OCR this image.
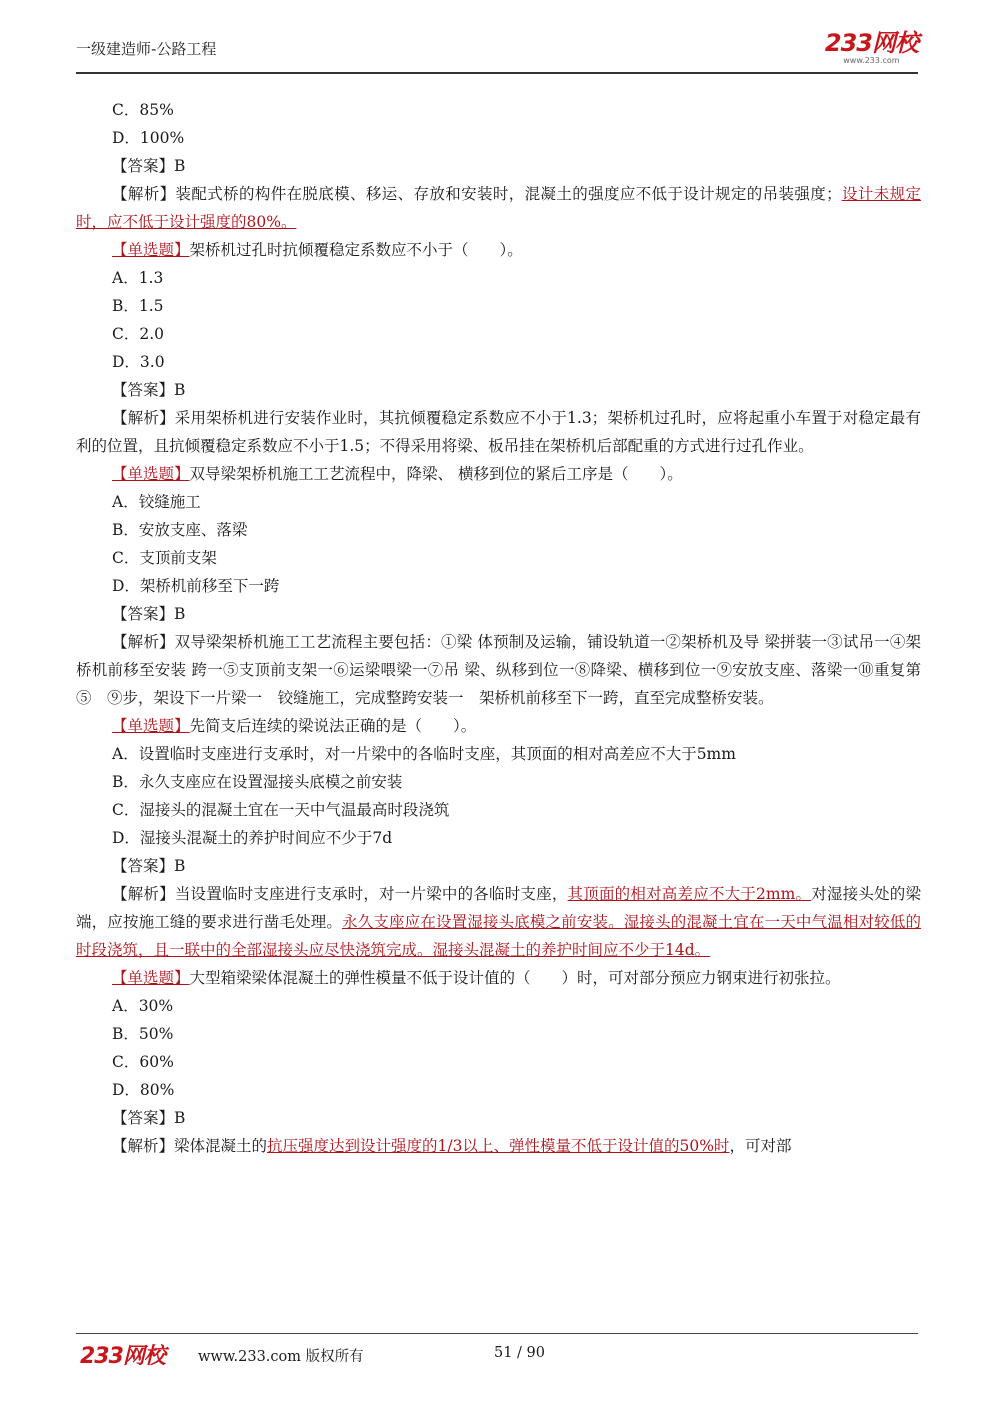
一级建造师-公路工程	233网校
www.233.com
C．85%
D．100%
【答案】B
【解析】装配式桥的构件在脱底模、移运、存放和安装时，混凝土的强度应不低于设计规定的吊装强度；设计未规定时，应不低于设计强度的80%。
【单选题】架桥机过孔时抗倾覆稳定系数应不小于（　　）。
A．1.3
B．1.5
C．2.0
D．3.0
【答案】B
【解析】采用架桥机进行安装作业时，其抗倾覆稳定系数应不小于1.3；架桥机过孔时，应将起重小车置于对稳定最有利的位置，且抗倾覆稳定系数应不小于1.5；不得采用将梁、板吊挂在架桥机后部配重的方式进行过孔作业。
【单选题】双导梁架桥机施工工艺流程中，降梁、 横移到位的紧后工序是（　　）。
A．铰缝施工
B．安放支座、落梁
C．支顶前支架
D．架桥机前移至下一跨
【答案】B
【解析】双导梁架桥机施工工艺流程主要包括：①梁 体预制及运输，铺设轨道一②架桥机及导 梁拼装一③试吊一④架桥机前移至安装 跨一⑤支顶前支架一⑥运梁喂梁一⑦吊 梁、纵移到位一⑧降梁、横移到位一⑨安放支座、落梁一⑩重复第⑤　⑨步，架设下一片梁一　铰缝施工，完成整跨安装一　架桥机前移至下一跨，直至完成整桥安装。
【单选题】先简支后连续的梁说法正确的是（　　）。
A．设置临时支座进行支承时，对一片梁中的各临时支座，其顶面的相对高差应不大于5mm
B．永久支座应在设置湿接头底模之前安装
C．湿接头的混凝土宜在一天中气温最高时段浇筑
D．湿接头混凝土的养护时间应不少于7d
【答案】B
【解析】当设置临时支座进行支承时，对一片梁中的各临时支座，其顶面的相对高差应不大于2mm。对湿接头处的梁端，应按施工缝的要求进行凿毛处理。永久支座应在设置湿接头底模之前安装。湿接头的混凝土宜在一天中气温相对较低的时段浇筑，且一联中的全部湿接头应尽快浇筑完成。湿接头混凝土的养护时间应不少于14d。
【单选题】大型箱梁梁体混凝土的弹性模量不低于设计值的（　　）时，可对部分预应力钢束进行初张拉。
A．30%
B．50%
C．60%
D．80%
【答案】B
【解析】梁体混凝土的抗压强度达到设计强度的1/3以上、弹性模量不低于设计值的50%时，可对部
233网校 www.233.com 版权所有	51 / 90
